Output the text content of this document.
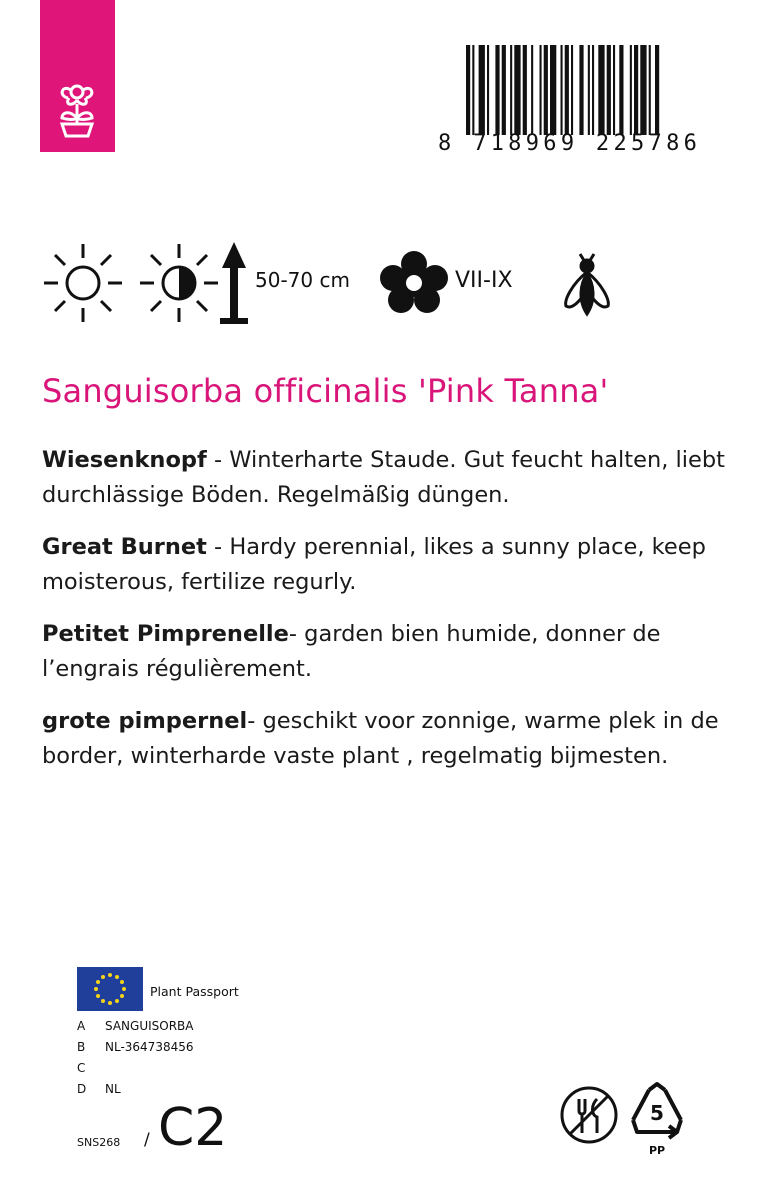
8 718969 225786
50-70 cm	VII-IX
Sanguisorba officinalis 'Pink Tanna'

Wiesenknopf - Winterharte Staude. Gut feucht halten, liebt durchlässige Böden. Regelmäßig düngen.

Great Burnet - Hardy perennial, likes a sunny place, keep moisterous, fertilize regurly.

Petitet Pimprenelle- garden bien humide, donner de l’engrais régulièrement.

grote pimpernel- geschikt voor zonnige, warme plek in de border, winterharde vaste plant , regelmatig bijmesten.

Plant Passport
A SANGUISORBA
B NL-364738456
C
D NL
SNS268 / C2	5
PP
